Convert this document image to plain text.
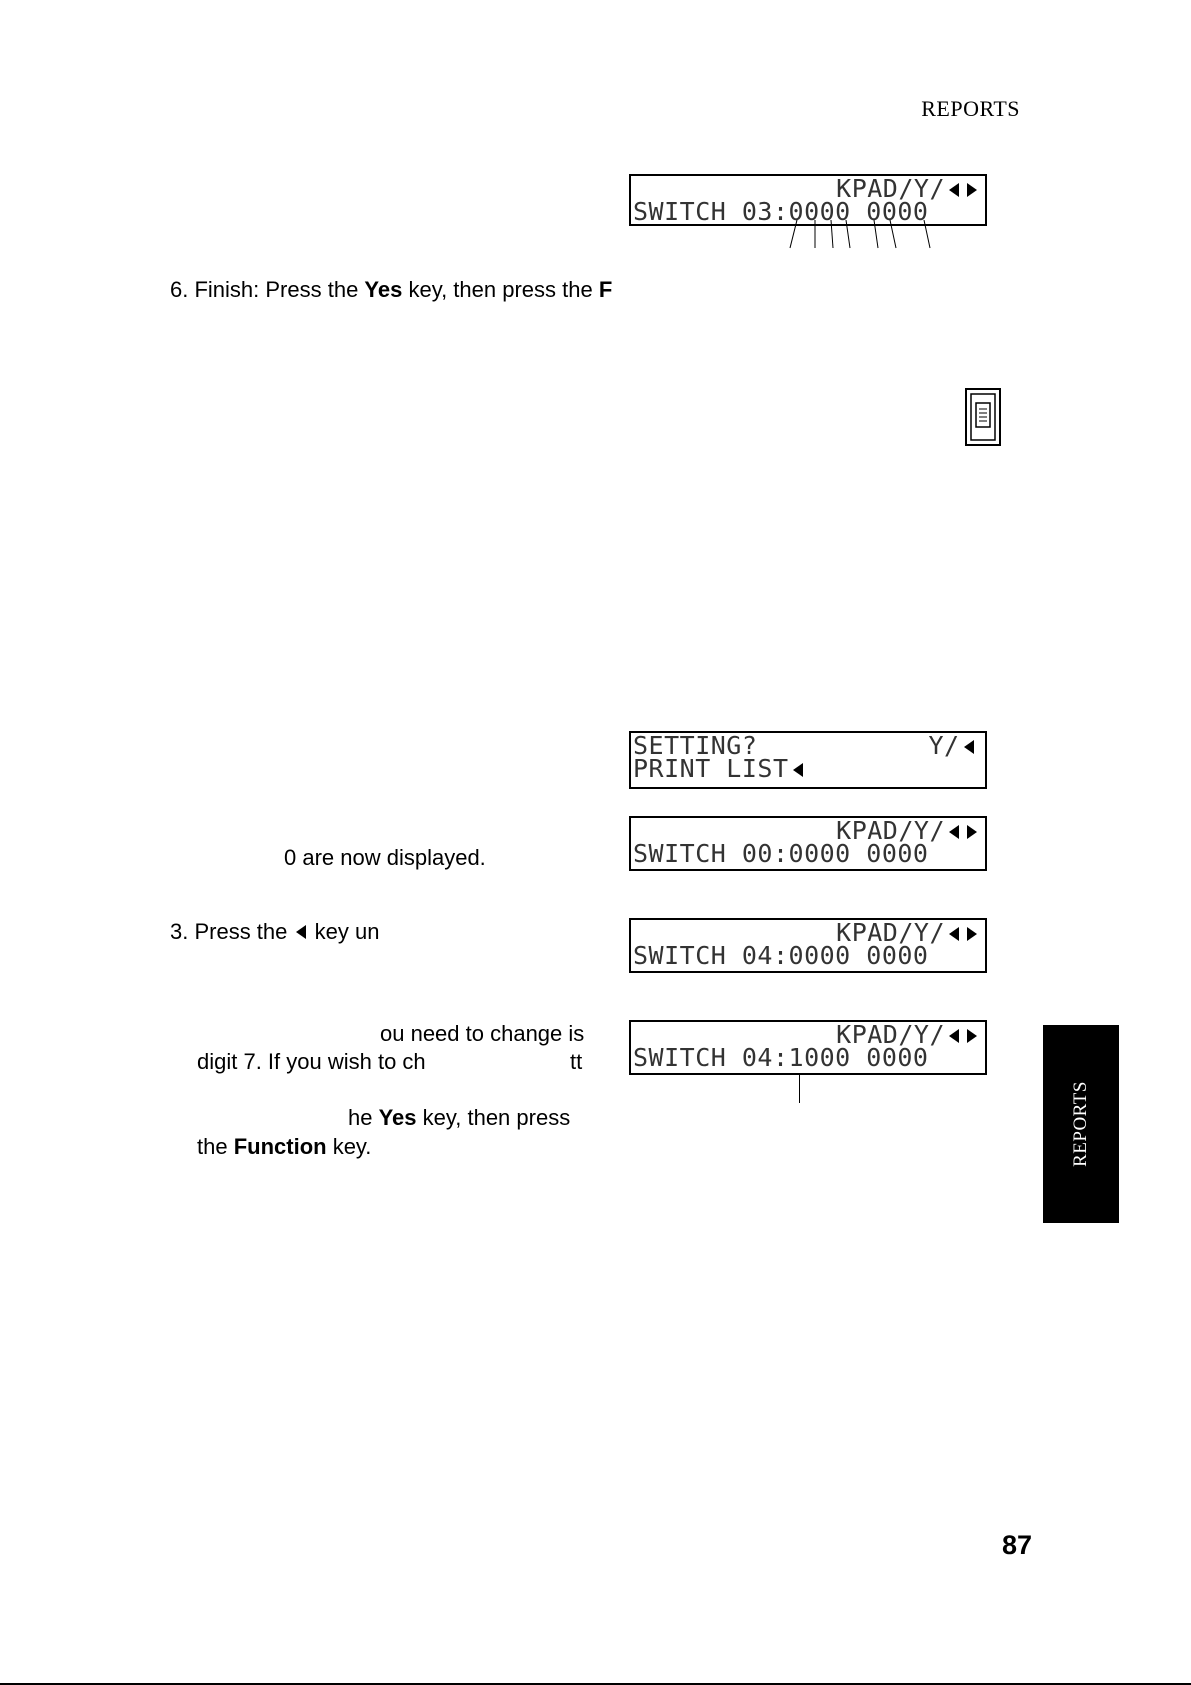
REPORTS
KPAD/Y/
SWITCH 03:0000 0000
6. Finish: Press the Yes key, then press the F
SETTING?           Y/
PRINT LIST
KPAD/Y/
SWITCH 00:0000 0000
0 are now displayed.
3. Press the  key un	KPAD/Y/
SWITCH 04:0000 0000
ou need to change is
digit 7. If you wish to ch	tt
KPAD/Y/
SWITCH 04:1000 0000
he Yes key, then press
the Function key.	REPORTS
87
